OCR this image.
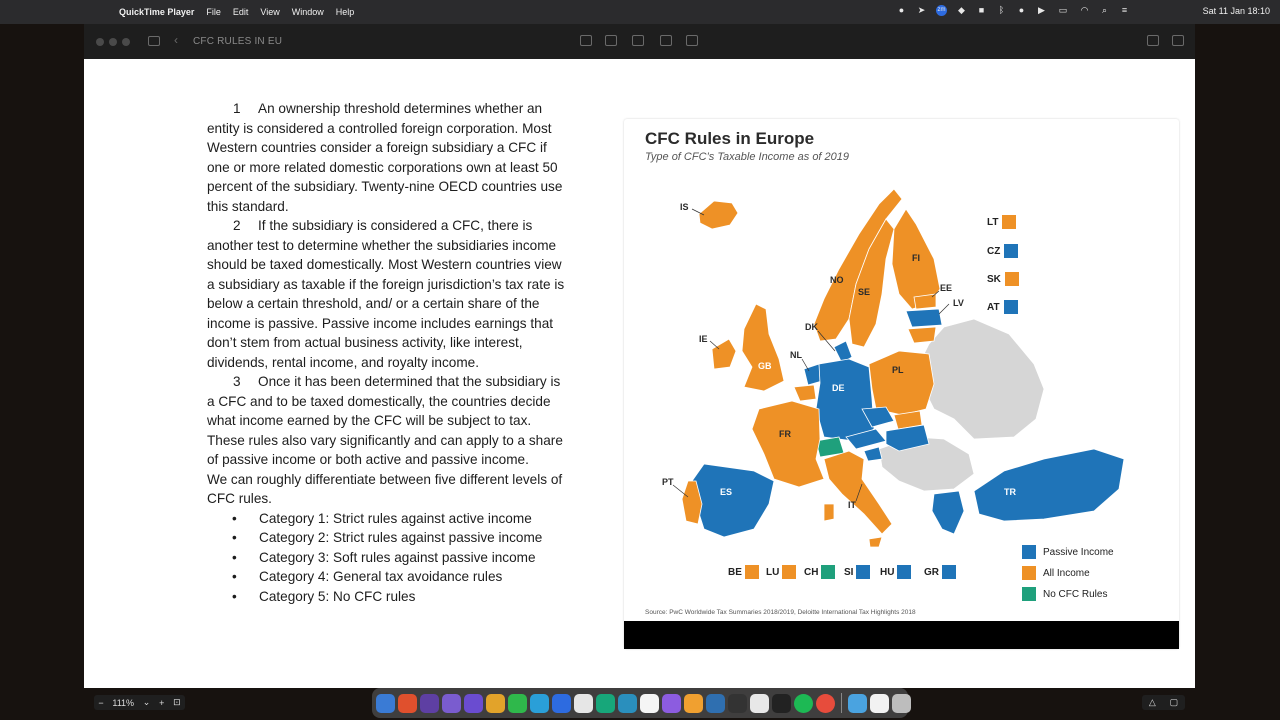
QuickTime Player File Edit View Window Help	●	➤ zm ◆	■	ᛒ	●	▶	▭	◠	⌕	≡	Sat 11 Jan 18:10
‹ CFC RULES IN EU

1 An ownership threshold determines whether an entity is considered a controlled foreign corporation. Most Western countries consider a foreign subsidiary a CFC if one or more related domestic corporations own at least 50 percent of the subsidiary. Twenty-nine OECD countries use this standard.

2 If the subsidiary is considered a CFC, there is another test to determine whether the subsidiaries income should be taxed domestically. Most Western countries view a subsidiary as taxable if the foreign jurisdiction’s tax rate is below a certain threshold, and/ or a certain share of the income is passive. Passive income includes earnings that don’t stem from actual business activity, like interest, dividends, rental income, and royalty income.

3 Once it has been determined that the subsidiary is a CFC and to be taxed domestically, the countries decide what income earned by the CFC will be subject to tax. These rules also vary significantly and can apply to a share of passive income or both active and passive income.

We can roughly differentiate between five different levels of CFC rules.

• Category 1: Strict rules against active income
• Category 2: Strict rules against passive income
• Category 3: Soft rules against passive income
• Category 4: General tax avoidance rules
• Category 5: No CFC rules
IS
NO
SE
FI
EE
LV
DK
IE
NL
GB
DE
PL
FR
PT
ES
IT
TR
CFC Rules in Europe
Type of CFC’s Taxable Income as of 2019
LT
CZ
SK
AT
BE LU CH	SI	HU	GR
Passive Income
All Income
No CFC Rules
Source: PwC Worldwide Tax Summaries 2018/2019, Deloitte International Tax Highlights 2018
− 111% ⌄ + ⊡	△ ▢
